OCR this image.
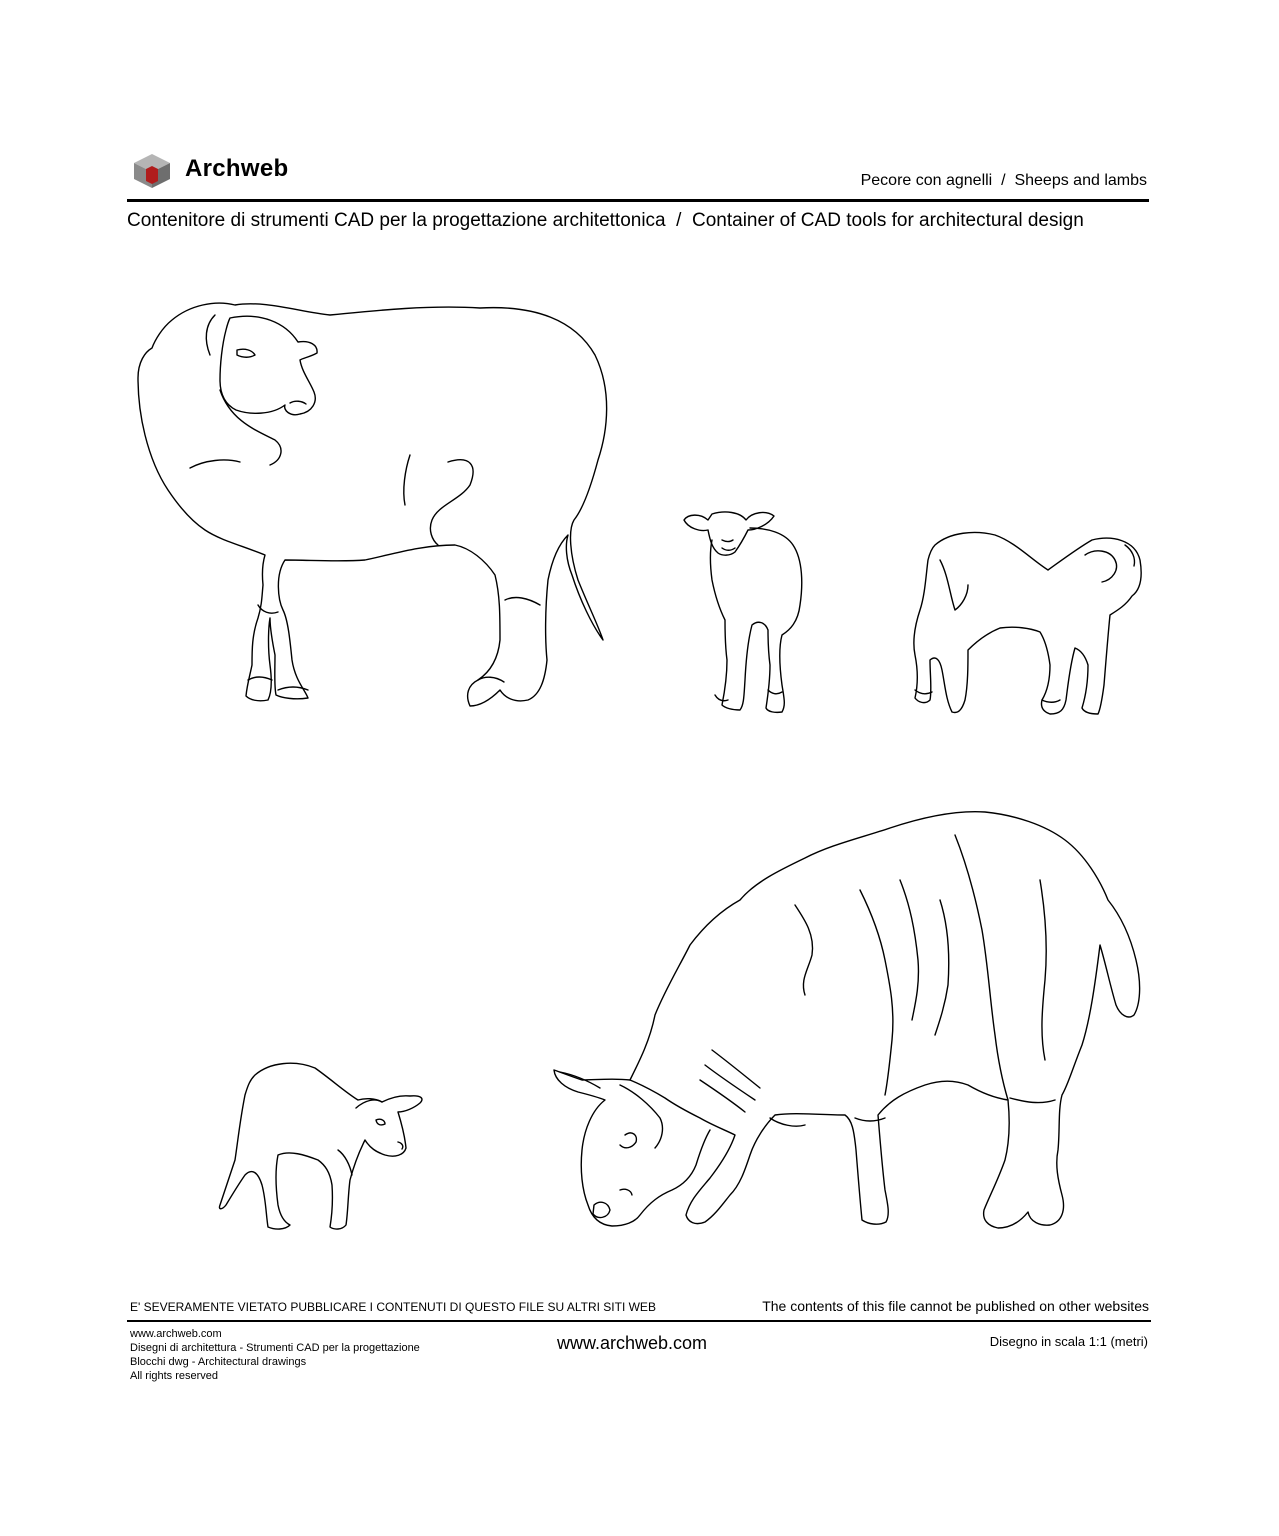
Archweb	Pecore con agnelli  /  Sheeps and lambs
Contenitore di strumenti CAD per la progettazione architettonica  /  Container of CAD tools for architectural design
E' SEVERAMENTE VIETATO PUBBLICARE I CONTENUTI DI QUESTO FILE SU ALTRI SITI WEB	The contents of this file cannot be published on other websites
www.archweb.com
Disegni di architettura - Strumenti CAD per la progettazione
Blocchi dwg - Architectural drawings
All rights reserved
www.archweb.com	Disegno in scala 1:1 (metri)
